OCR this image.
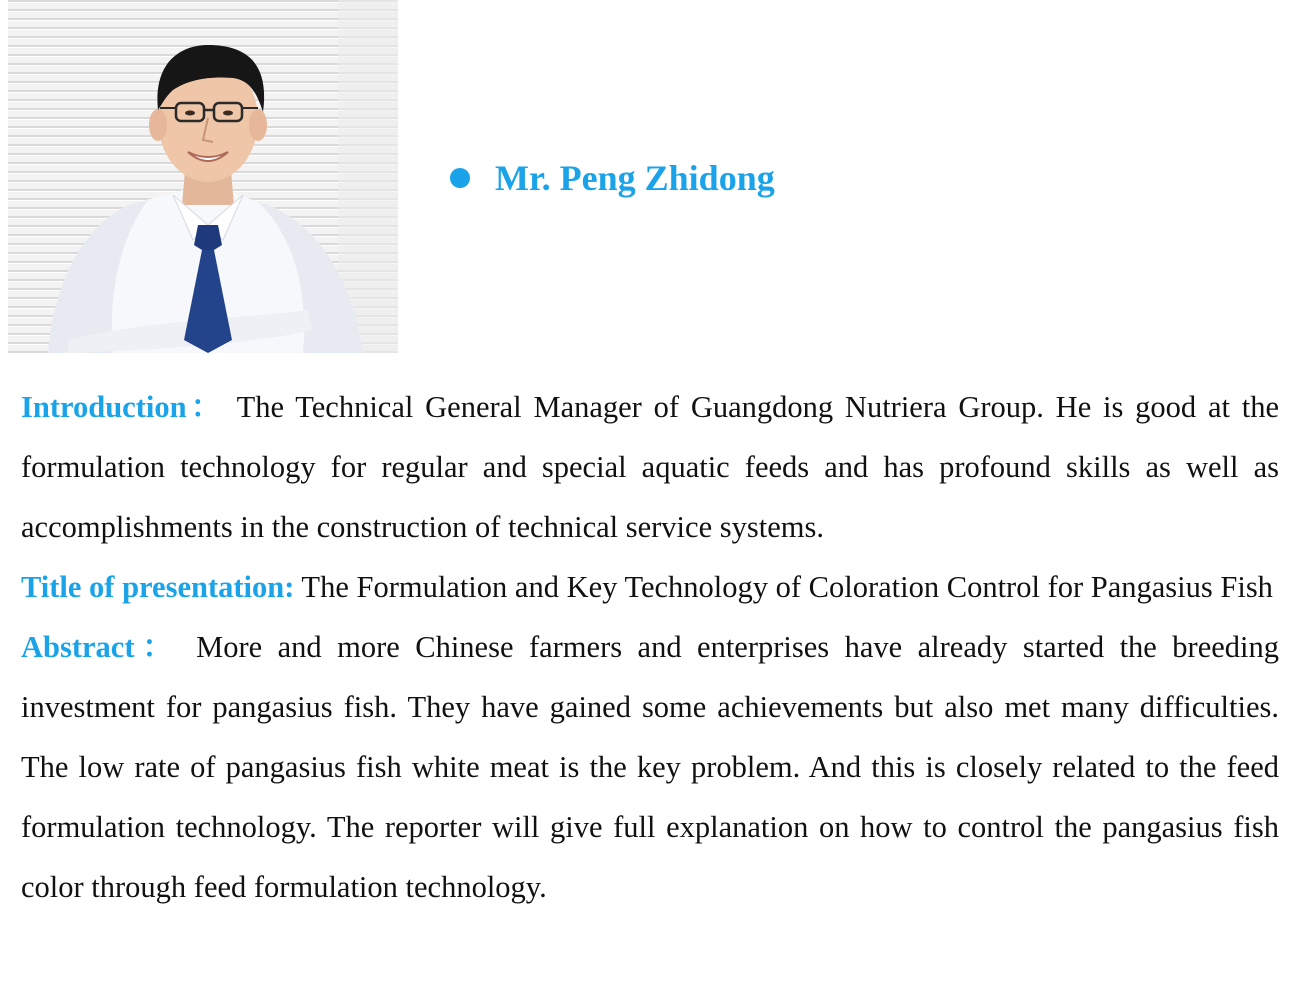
Mr. Peng Zhidong

Introduction： The Technical General Manager of Guangdong Nutriera Group. He is good at the formulation technology for regular and special aquatic feeds and has profound skills as well as accomplishments in the construction of technical service systems.

Title of presentation: The Formulation and Key Technology of Coloration Control for Pangasius Fish

Abstract： More and more Chinese farmers and enterprises have already started the breeding investment for pangasius fish. They have gained some achievements but also met many difficulties. The low rate of pangasius fish white meat is the key problem. And this is closely related to the feed formulation technology. The reporter will give full explanation on how to control the pangasius fish color through feed formulation technology.
